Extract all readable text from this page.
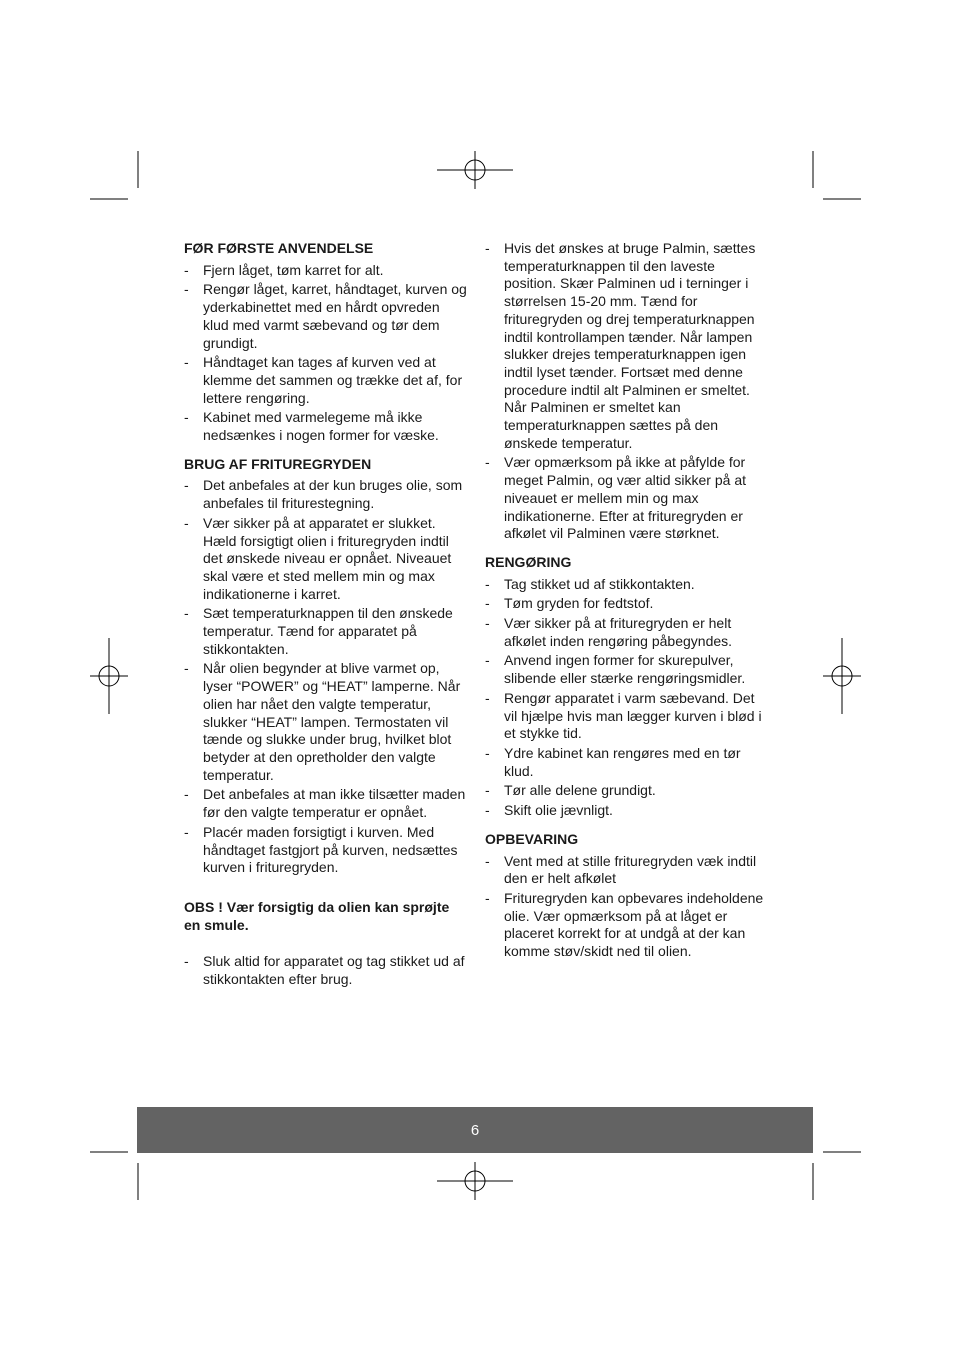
FØR FØRSTE ANVENDELSE
- Fjern låget, tøm karret for alt.
- Rengør låget, karret, håndtaget, kurven og yderkabinettet med en hårdt opvreden klud med varmt sæbevand og tør dem grundigt.
- Håndtaget kan tages af kurven ved at klemme det sammen og trække det af, for lettere rengøring.
- Kabinet med varmelegeme må ikke nedsænkes i nogen former for væske.
BRUG AF FRITUREGRYDEN
- Det anbefales at der kun bruges olie, som anbefales til friturestegning.
- Vær sikker på at apparatet er slukket. Hæld forsigtigt olien i frituregryden indtil det ønskede niveau er opnået. Niveauet skal være et sted mellem min og max indikationerne i karret.
- Sæt temperaturknappen til den ønskede temperatur. Tænd for apparatet på stikkontakten.
- Når olien begynder at blive varmet op, lyser “POWER” og “HEAT” lamperne. Når olien har nået den valgte temperatur, slukker “HEAT” lampen. Termostaten vil tænde og slukke under brug, hvilket blot betyder at den opretholder den valgte temperatur.
- Det anbefales at man ikke tilsætter maden før den valgte temperatur er opnået.
- Placér maden forsigtigt i kurven. Med håndtaget fastgjort på kurven, nedsættes kurven i frituregryden.
OBS ! Vær forsigtig da olien kan sprøjte en smule.
- Sluk altid for apparatet og tag stikket ud af stikkontakten efter brug.
- Hvis det ønskes at bruge Palmin, sættes temperaturknappen til den laveste position. Skær Palminen ud i terninger i størrelsen 15-20 mm. Tænd for frituregryden og drej temperaturknappen indtil kontrollampen tænder. Når lampen slukker drejes temperaturknappen igen indtil lyset tænder. Fortsæt med denne procedure indtil alt Palminen er smeltet. Når Palminen er smeltet kan temperaturknappen sættes på den ønskede temperatur.
- Vær opmærksom på ikke at påfylde for meget Palmin, og vær altid sikker på at niveauet er mellem min og max indikationerne. Efter at frituregryden er afkølet vil Palminen være størknet.
RENGØRING
- Tag stikket ud af stikkontakten.
- Tøm gryden for fedtstof.
- Vær sikker på at frituregryden er helt afkølet inden rengøring påbegyndes.
- Anvend ingen former for skurepulver, slibende eller stærke rengøringsmidler.
- Rengør apparatet i varm sæbevand. Det vil hjælpe hvis man lægger kurven i blød i et stykke tid.
- Ydre kabinet kan rengøres med en tør klud.
- Tør alle delene grundigt.
- Skift olie jævnligt.
OPBEVARING
- Vent med at stille frituregryden væk indtil den er helt afkølet
- Frituregryden kan opbevares indeholdene olie. Vær opmærksom på at låget er placeret korrekt for at undgå at der kan komme støv/skidt ned til olien.
6
